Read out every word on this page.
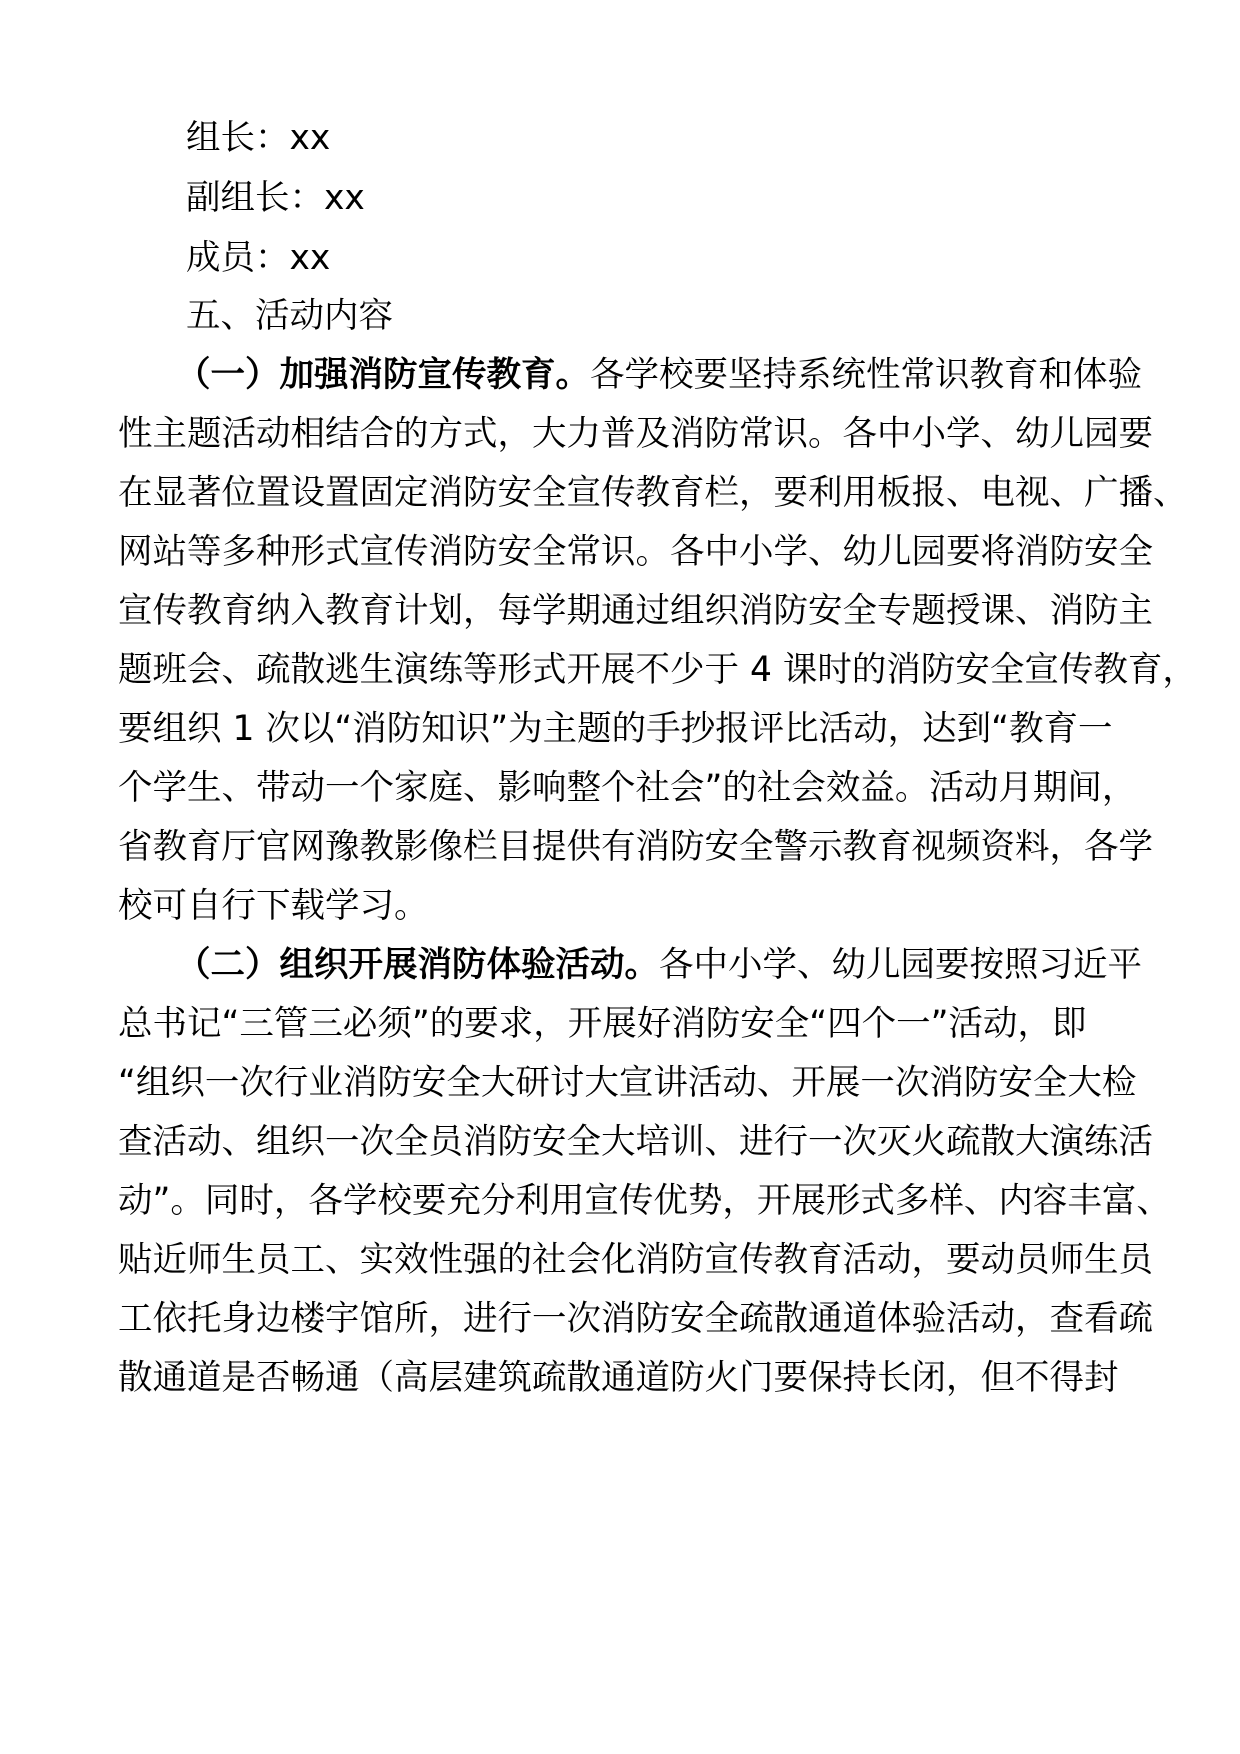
组长：xx
副组长：xx
成员：xx
五、活动内容
（一）加强消防宣传教育。各学校要坚持系统性常识教育和体验
性主题活动相结合的方式，大力普及消防常识。各中小学、幼儿园要
在显著位置设置固定消防安全宣传教育栏，要利用板报、电视、广播、
网站等多种形式宣传消防安全常识。各中小学、幼儿园要将消防安全
宣传教育纳入教育计划，每学期通过组织消防安全专题授课、消防主
题班会、疏散逃生演练等形式开展不少于 4 课时的消防安全宣传教育，
要组织 1 次以“消防知识”为主题的手抄报评比活动，达到“教育一
个学生、带动一个家庭、影响整个社会”的社会效益。活动月期间，
省教育厅官网豫教影像栏目提供有消防安全警示教育视频资料，各学
校可自行下载学习。
（二）组织开展消防体验活动。各中小学、幼儿园要按照习近平
总书记“三管三必须”的要求，开展好消防安全“四个一”活动，即
“组织一次行业消防安全大研讨大宣讲活动、开展一次消防安全大检
查活动、组织一次全员消防安全大培训、进行一次灭火疏散大演练活
动”。同时，各学校要充分利用宣传优势，开展形式多样、内容丰富、
贴近师生员工、实效性强的社会化消防宣传教育活动，要动员师生员
工依托身边楼宇馆所，进行一次消防安全疏散通道体验活动，查看疏
散通道是否畅通（高层建筑疏散通道防火门要保持长闭，但不得封
